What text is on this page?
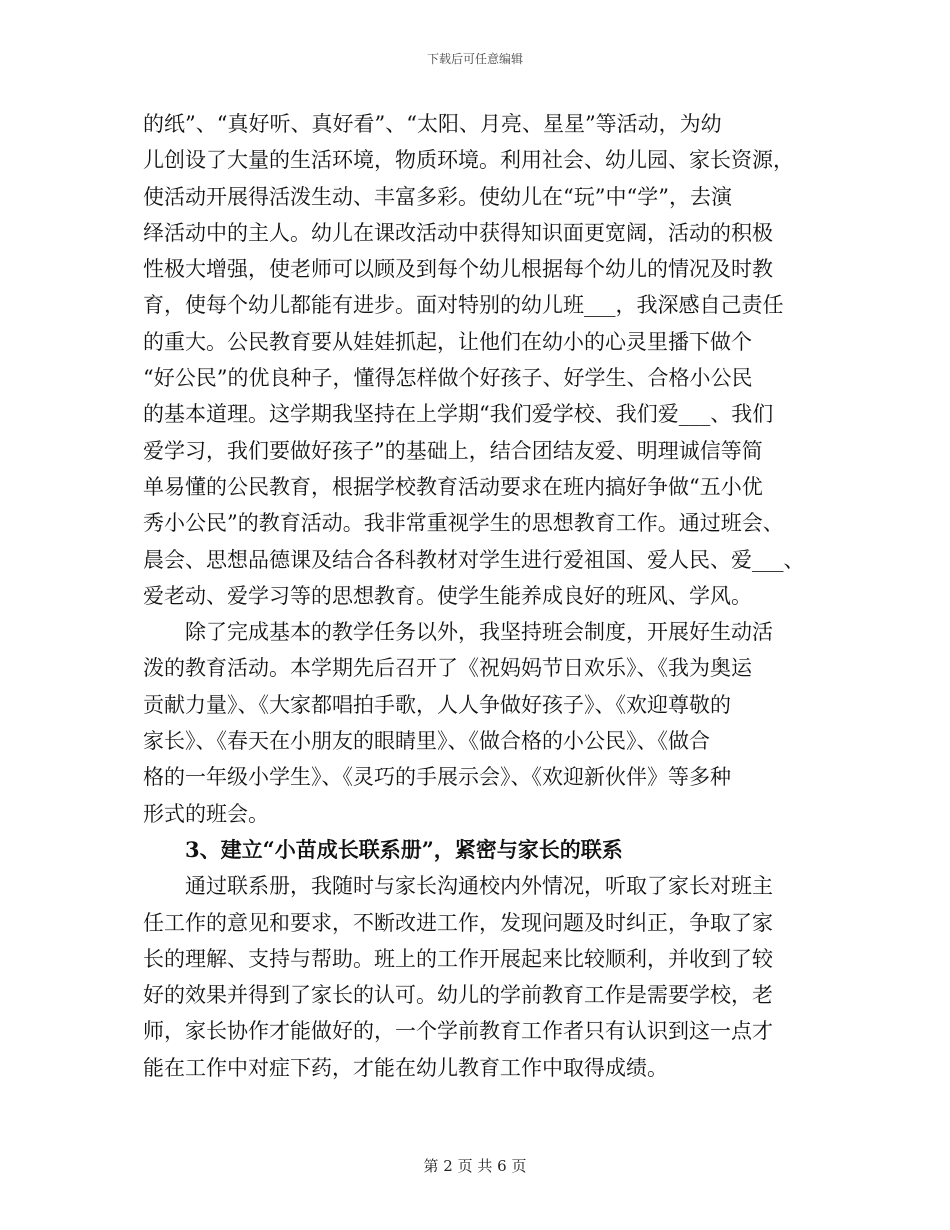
下载后可任意编辑
的纸”、“真好听、真好看”、“太阳、月亮、星星”等活动，为幼
儿创设了大量的生活环境，物质环境。利用社会、幼儿园、家长资源，
使活动开展得活泼生动、丰富多彩。使幼儿在“玩”中“学”，去演
绎活动中的主人。幼儿在课改活动中获得知识面更宽阔，活动的积极
性极大增强，使老师可以顾及到每个幼儿根据每个幼儿的情况及时教
育，使每个幼儿都能有进步。面对特别的幼儿班___，我深感自己责任
的重大。公民教育要从娃娃抓起，让他们在幼小的心灵里播下做个
“好公民”的优良种子，懂得怎样做个好孩子、好学生、合格小公民
的基本道理。这学期我坚持在上学期“我们爱学校、我们爱___、我们
爱学习，我们要做好孩子”的基础上，结合团结友爱、明理诚信等简
单易懂的公民教育，根据学校教育活动要求在班内搞好争做“五小优
秀小公民”的教育活动。我非常重视学生的思想教育工作。通过班会、
晨会、思想品德课及结合各科教材对学生进行爱祖国、爱人民、爱___、
爱老动、爱学习等的思想教育。使学生能养成良好的班风、学风。
除了完成基本的教学任务以外，我坚持班会制度，开展好生动活
泼的教育活动。本学期先后召开了《祝妈妈节日欢乐》、《我为奥运
贡献力量》、《大家都唱拍手歌，人人争做好孩子》、《欢迎尊敬的
家长》、《春天在小朋友的眼睛里》、《做合格的小公民》、《做合
格的一年级小学生》、《灵巧的手展示会》、《欢迎新伙伴》等多种
形式的班会。
3、建立“小苗成长联系册”，紧密与家长的联系
通过联系册，我随时与家长沟通校内外情况，听取了家长对班主
任工作的意见和要求，不断改进工作，发现问题及时纠正，争取了家
长的理解、支持与帮助。班上的工作开展起来比较顺利，并收到了较
好的效果并得到了家长的认可。幼儿的学前教育工作是需要学校，老
师，家长协作才能做好的，一个学前教育工作者只有认识到这一点才
能在工作中对症下药，才能在幼儿教育工作中取得成绩。
第 2 页 共 6 页
